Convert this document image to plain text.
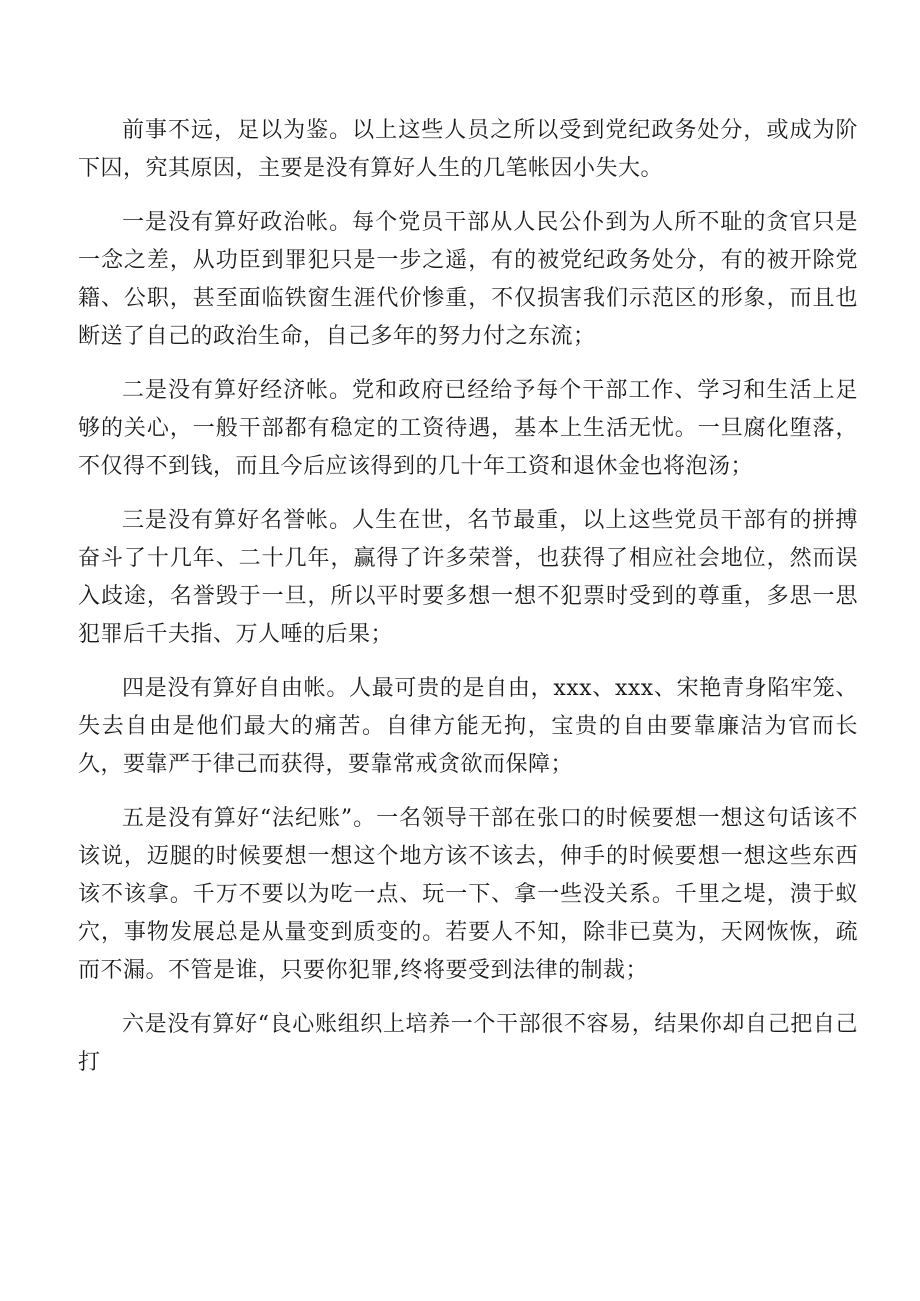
前事不远，足以为鉴。以上这些人员之所以受到党纪政务处分，或成为阶下囚，究其原因，主要是没有算好人生的几笔帐因小失大。

一是没有算好政治帐。每个党员干部从人民公仆到为人所不耻的贪官只是一念之差，从功臣到罪犯只是一步之遥，有的被党纪政务处分，有的被开除党籍、公职，甚至面临铁窗生涯代价惨重，不仅损害我们示范区的形象，而且也断送了自己的政治生命，自己多年的努力付之东流；

二是没有算好经济帐。党和政府已经给予每个干部工作、学习和生活上足够的关心，一般干部都有稳定的工资待遇，基本上生活无忧。一旦腐化堕落，不仅得不到钱，而且今后应该得到的几十年工资和退休金也将泡汤；

三是没有算好名誉帐。人生在世，名节最重，以上这些党员干部有的拼搏奋斗了十几年、二十几年，赢得了许多荣誉，也获得了相应社会地位，然而误入歧途，名誉毁于一旦，所以平时要多想一想不犯票时受到的尊重，多思一思犯罪后千夫指、万人唾的后果；

四是没有算好自由帐。人最可贵的是自由，xxx、xxx、宋艳青身陷牢笼、失去自由是他们最大的痛苦。自律方能无拘，宝贵的自由要靠廉洁为官而长久，要靠严于律己而获得，要靠常戒贪欲而保障；

五是没有算好“法纪账”。一名领导干部在张口的时候要想一想这句话该不该说，迈腿的时候要想一想这个地方该不该去，伸手的时候要想一想这些东西该不该拿。千万不要以为吃一点、玩一下、拿一些没关系。千里之堤，溃于蚁穴，事物发展总是从量变到质变的。若要人不知，除非已莫为，天网恢恢，疏而不漏。不管是谁，只要你犯罪,终将要受到法律的制裁；

六是没有算好“良心账组织上培养一个干部很不容易，结果你却自己把自己打
